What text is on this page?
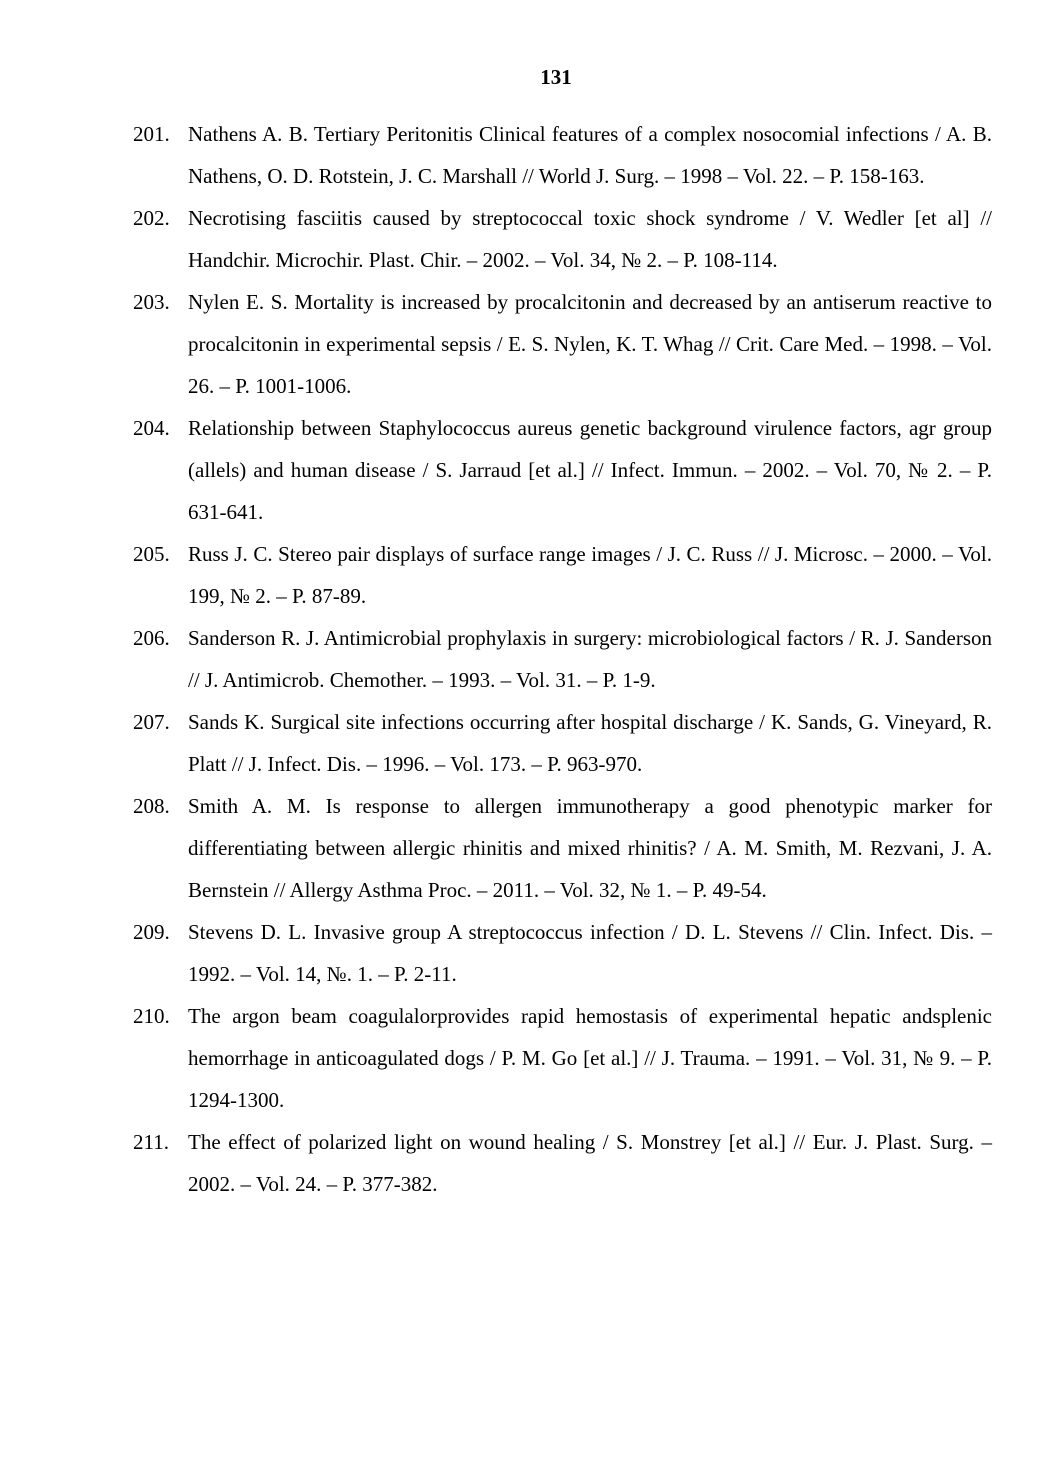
131
201. Nathens A. B. Tertiary Peritonitis Clinical features of a complex nosocomial infections / A. B. Nathens, O. D. Rotstein, J. C. Marshall // World J. Surg. – 1998 – Vol. 22. – P. 158-163.
202. Necrotising fasciitis caused by streptococcal toxic shock syndrome / V. Wedler [et al] // Handchir. Microchir. Plast. Chir. – 2002. – Vol. 34, № 2. – P. 108-114.
203. Nylen E. S. Mortality is increased by procalcitonin and decreased by an antiserum reactive to procalcitonin in experimental sepsis / E. S. Nylen, K. T. Whag // Crit. Care Med. – 1998. – Vol. 26. – P. 1001-1006.
204. Relationship between Staphylococcus aureus genetic background virulence factors, agr group (allels) and human disease / S. Jarraud [et al.] // Infect. Immun. – 2002. – Vol. 70, № 2. – P. 631-641.
205. Russ J. C. Stereo pair displays of surface range images / J. C. Russ // J. Microsc. – 2000. – Vol. 199, № 2. – P. 87-89.
206. Sanderson R. J. Antimicrobial prophylaxis in surgery: microbiological factors / R. J. Sanderson // J. Antimicrob. Chemother. – 1993. – Vol. 31. – P. 1-9.
207. Sands K. Surgical site infections occurring after hospital discharge / K. Sands, G. Vineyard, R. Platt // J. Infect. Dis. – 1996. – Vol. 173. – P. 963-970.
208. Smith A. M. Is response to allergen immunotherapy a good phenotypic marker for differentiating between allergic rhinitis and mixed rhinitis? / A. M. Smith, M. Rezvani, J. A. Bernstein // Allergy Asthma Proc. – 2011. – Vol. 32, № 1. – P. 49-54.
209. Stevens D. L. Invasive group A streptococcus infection / D. L. Stevens // Clin. Infect. Dis. – 1992. – Vol. 14, №. 1. – P. 2-11.
210. The argon beam coagulalorprovides rapid hemostasis of experimental hepatic andsplenic hemorrhage in anticoagulated dogs / P. M. Go [et al.] // J. Trauma. – 1991. – Vol. 31, № 9. – P. 1294-1300.
211. The effect of polarized light on wound healing / S. Monstrey [et al.] // Eur. J. Plast. Surg. – 2002. – Vol. 24. – P. 377-382.
